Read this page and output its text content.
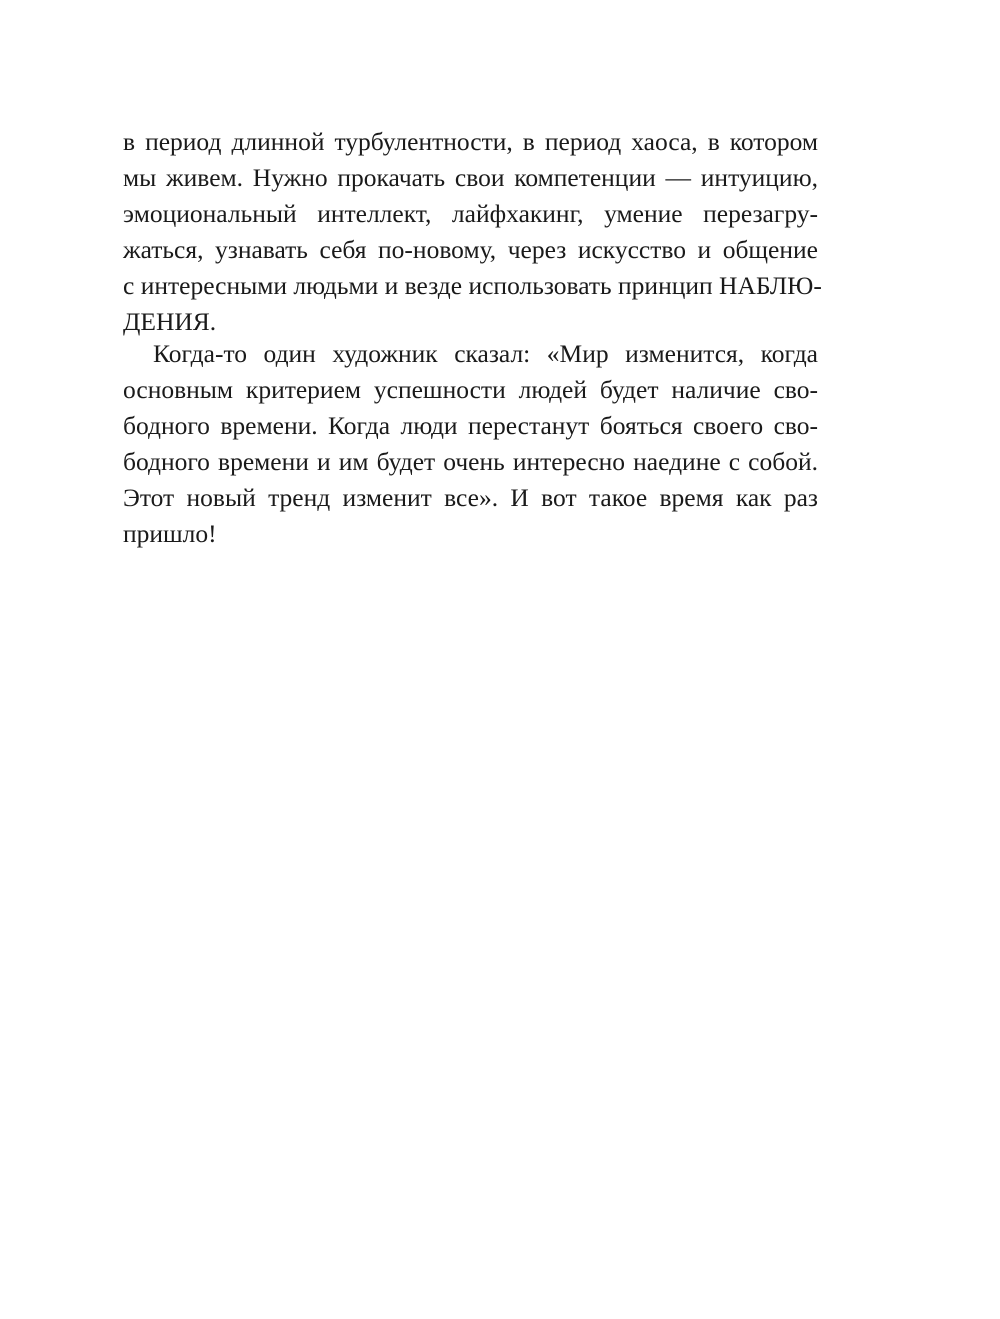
в период длинной турбулентности, в период хаоса, в котором
мы живем. Нужно прокачать свои компетенции — интуицию,
эмоциональный интеллект, лайфхакинг, умение перезагру-
жаться, узнавать себя по-новому, через искусство и общение
с интересными людьми и везде использовать принцип НАБЛЮ-
ДЕНИЯ.
Когда-то один художник сказал: «Мир изменится, когда
основным критерием успешности людей будет наличие сво-
бодного времени. Когда люди перестанут бояться своего сво-
бодного времени и им будет очень интересно наедине с собой.
Этот новый тренд изменит все». И вот такое время как раз
пришло!
